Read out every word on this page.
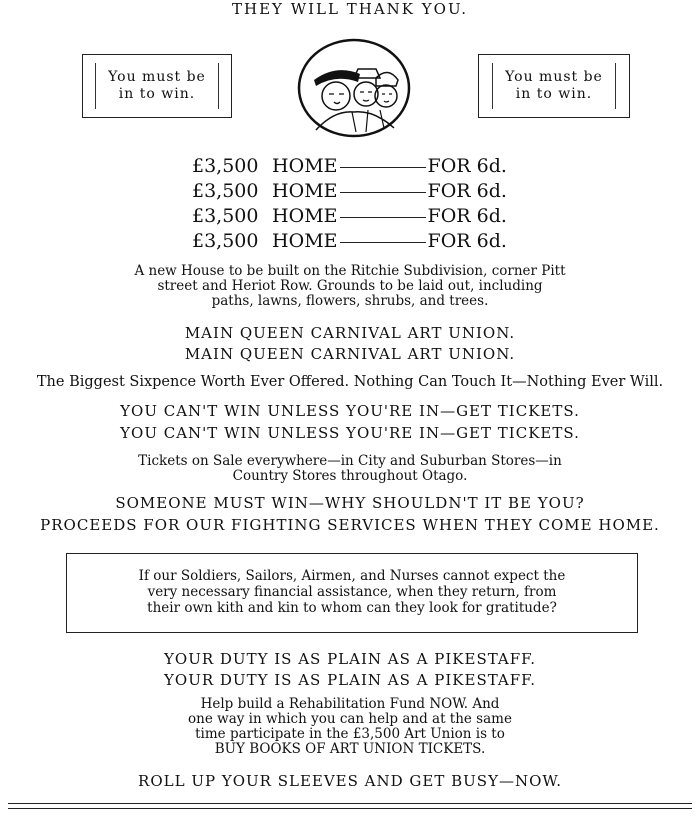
THEY WILL THANK YOU.
You must be
in to win.
You must be
in to win.
£3,500 HOME	FOR 6d.
£3,500 HOME	FOR 6d.
£3,500 HOME	FOR 6d.
£3,500 HOME	FOR 6d.
A new House to be built on the Ritchie Subdivision, corner Pitt
street and Heriot Row. Grounds to be laid out, including
paths, lawns, flowers, shrubs, and trees.
MAIN QUEEN CARNIVAL ART UNION.
MAIN QUEEN CARNIVAL ART UNION.
The Biggest Sixpence Worth Ever Offered. Nothing Can Touch It—Nothing Ever Will.
YOU CAN'T WIN UNLESS YOU'RE IN—GET TICKETS.
YOU CAN'T WIN UNLESS YOU'RE IN—GET TICKETS.
Tickets on Sale everywhere—in City and Suburban Stores—in
Country Stores throughout Otago.
SOMEONE MUST WIN—WHY SHOULDN'T IT BE YOU?
PROCEEDS FOR OUR FIGHTING SERVICES WHEN THEY COME HOME.
If our Soldiers, Sailors, Airmen, and Nurses cannot expect the
very necessary financial assistance, when they return, from
their own kith and kin to whom can they look for gratitude?
YOUR DUTY IS AS PLAIN AS A PIKESTAFF.
YOUR DUTY IS AS PLAIN AS A PIKESTAFF.
Help build a Rehabilitation Fund NOW. And
one way in which you can help and at the same
time participate in the £3,500 Art Union is to
BUY BOOKS OF ART UNION TICKETS.
ROLL UP YOUR SLEEVES AND GET BUSY—NOW.
